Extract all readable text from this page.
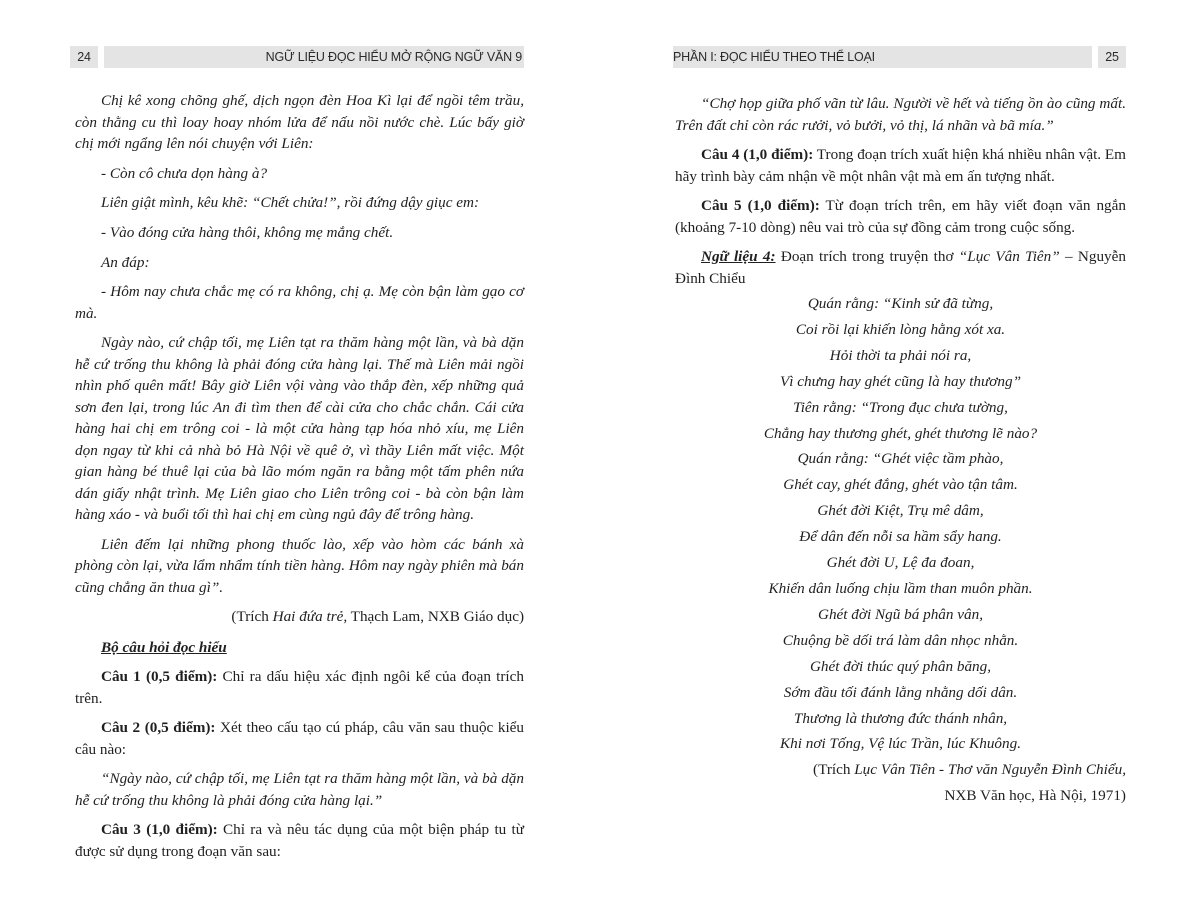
24	NGỮ LIỆU ĐỌC HIỂU MỞ RỘNG NGỮ VĂN 9

Chị kê xong chõng ghế, dịch ngọn đèn Hoa Kì lại để ngồi têm trầu, còn thằng cu thì loay hoay nhóm lửa để nấu nồi nước chè. Lúc bấy giờ chị mới ngẩng lên nói chuyện với Liên:

- Còn cô chưa dọn hàng à?

Liên giật mình, kêu khẽ: “Chết chửa!”, rồi đứng dậy giục em:

- Vào đóng cửa hàng thôi, không mẹ mắng chết.

An đáp:

- Hôm nay chưa chắc mẹ có ra không, chị ạ. Mẹ còn bận làm gạo cơ mà.

Ngày nào, cứ chập tối, mẹ Liên tạt ra thăm hàng một lần, và bà dặn hễ cứ trống thu không là phải đóng cửa hàng lại. Thế mà Liên mải ngồi nhìn phố quên mất! Bây giờ Liên vội vàng vào thắp đèn, xếp những quả sơn đen lại, trong lúc An đi tìm then để cài cửa cho chắc chắn. Cái cửa hàng hai chị em trông coi - là một cửa hàng tạp hóa nhỏ xíu, mẹ Liên dọn ngay từ khi cả nhà bỏ Hà Nội về quê ở, vì thầy Liên mất việc. Một gian hàng bé thuê lại của bà lão móm ngăn ra bằng một tấm phên nứa dán giấy nhật trình. Mẹ Liên giao cho Liên trông coi - bà còn bận làm hàng xáo - và buổi tối thì hai chị em cùng ngủ đây để trông hàng.

Liên đếm lại những phong thuốc lào, xếp vào hòm các bánh xà phòng còn lại, vừa lẩm nhẩm tính tiền hàng. Hôm nay ngày phiên mà bán cũng chẳng ăn thua gì”.

(Trích Hai đứa trẻ, Thạch Lam, NXB Giáo dục)

Bộ câu hỏi đọc hiểu

Câu 1 (0,5 điểm): Chỉ ra dấu hiệu xác định ngôi kể của đoạn trích trên.

Câu 2 (0,5 điểm): Xét theo cấu tạo cú pháp, câu văn sau thuộc kiểu câu nào:

“Ngày nào, cứ chập tối, mẹ Liên tạt ra thăm hàng một lần, và bà dặn hễ cứ trống thu không là phải đóng cửa hàng lại.”

Câu 3 (1,0 điểm): Chỉ ra và nêu tác dụng của một biện pháp tu từ được sử dụng trong đoạn văn sau:

PHẦN I: ĐỌC HIỂU THEO THỂ LOẠI	25

“Chợ họp giữa phố vãn từ lâu. Người về hết và tiếng ồn ào cũng mất. Trên đất chỉ còn rác rưởi, vỏ bưởi, vỏ thị, lá nhãn và bã mía.”

Câu 4 (1,0 điểm): Trong đoạn trích xuất hiện khá nhiều nhân vật. Em hãy trình bày cảm nhận về một nhân vật mà em ấn tượng nhất.

Câu 5 (1,0 điểm): Từ đoạn trích trên, em hãy viết đoạn văn ngắn (khoảng 7-10 dòng) nêu vai trò của sự đồng cảm trong cuộc sống.

Ngữ liệu 4: Đoạn trích trong truyện thơ “Lục Vân Tiên” – Nguyễn Đình Chiểu

Quán rằng: “Kinh sử đã từng,

Coi rồi lại khiến lòng hằng xót xa.

Hỏi thời ta phải nói ra,

Vì chưng hay ghét cũng là hay thương”

Tiên rằng: “Trong đục chưa tường,

Chẳng hay thương ghét, ghét thương lẽ nào?

Quán rằng: “Ghét việc tầm phào,

Ghét cay, ghét đắng, ghét vào tận tâm.

Ghét đời Kiệt, Trụ mê dâm,

Để dân đến nỗi sa hầm sẩy hang.

Ghét đời U, Lệ đa đoan,

Khiến dân luống chịu lầm than muôn phần.

Ghét đời Ngũ bá phân vân,

Chuộng bề dối trá làm dân nhọc nhằn.

Ghét đời thúc quý phân băng,

Sớm đầu tối đánh lằng nhằng dối dân.

Thương là thương đức thánh nhân,

Khi nơi Tống, Vệ lúc Trần, lúc Khuông.

(Trích Lục Vân Tiên - Thơ văn Nguyễn Đình Chiểu,

NXB Văn học, Hà Nội, 1971)
